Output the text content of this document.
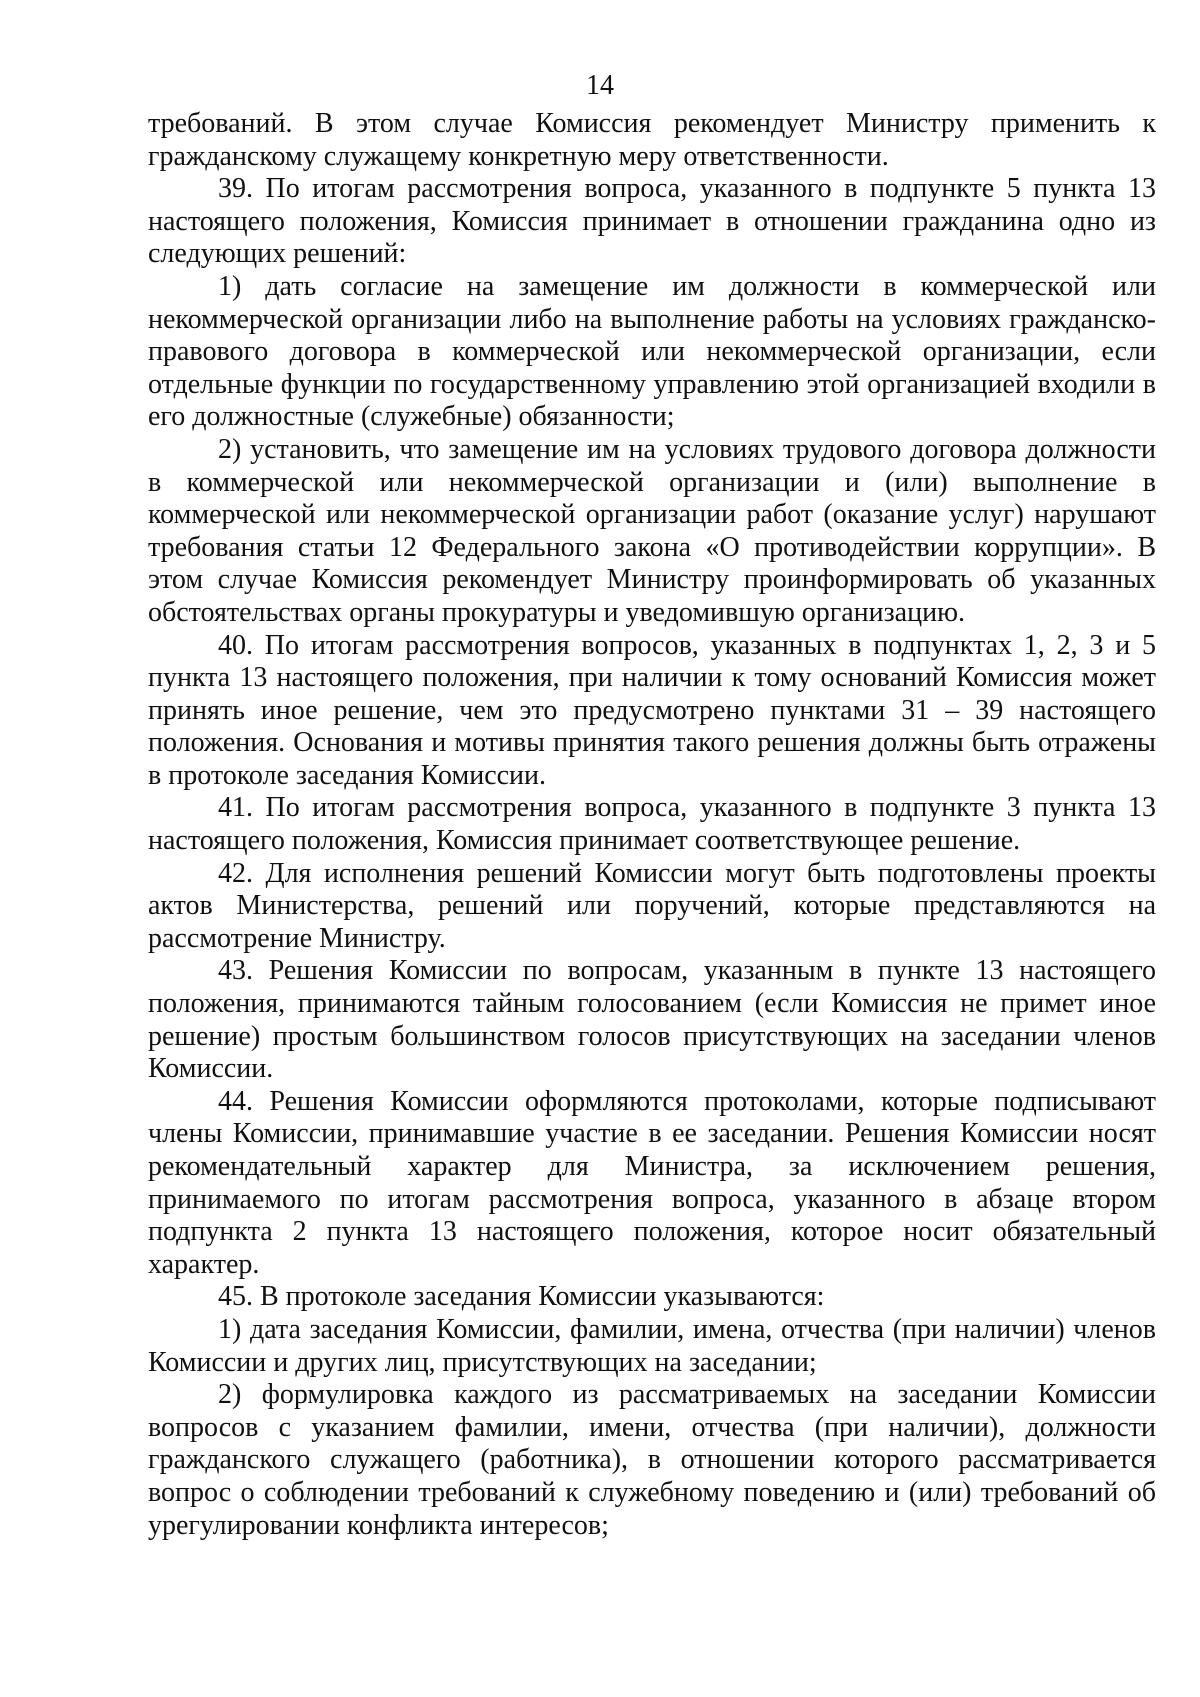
14

требований. В этом случае Комиссия рекомендует Министру применить к гражданскому служащему конкретную меру ответственности.

39. По итогам рассмотрения вопроса, указанного в подпункте 5 пункта 13 настоящего положения, Комиссия принимает в отношении гражданина одно из следующих решений:

1) дать согласие на замещение им должности в коммерческой или некоммерческой организации либо на выполнение работы на условиях гражданско-правового договора в коммерческой или некоммерческой организации, если отдельные функции по государственному управлению этой организацией входили в его должностные (служебные) обязанности;

2) установить, что замещение им на условиях трудового договора должности в коммерческой или некоммерческой организации и (или) выполнение в коммерческой или некоммерческой организации работ (оказание услуг) нарушают требования статьи 12 Федерального закона «О противодействии коррупции». В этом случае Комиссия рекомендует Министру проинформировать об указанных обстоятельствах органы прокуратуры и уведомившую организацию.

40. По итогам рассмотрения вопросов, указанных в подпунктах 1, 2, 3 и 5 пункта 13 настоящего положения, при наличии к тому оснований Комиссия может принять иное решение, чем это предусмотрено пунктами 31 – 39 настоящего положения. Основания и мотивы принятия такого решения должны быть отражены в протоколе заседания Комиссии.

41. По итогам рассмотрения вопроса, указанного в подпункте 3 пункта 13 настоящего положения, Комиссия принимает соответствующее решение.

42. Для исполнения решений Комиссии могут быть подготовлены проекты актов Министерства, решений или поручений, которые представляются на рассмотрение Министру.

43. Решения Комиссии по вопросам, указанным в пункте 13 настоящего положения, принимаются тайным голосованием (если Комиссия не примет иное решение) простым большинством голосов присутствующих на заседании членов Комиссии.

44. Решения Комиссии оформляются протоколами, которые подписывают члены Комиссии, принимавшие участие в ее заседании. Решения Комиссии носят рекомендательный характер для Министра, за исключением решения, принимаемого по итогам рассмотрения вопроса, указанного в абзаце втором подпункта 2 пункта 13 настоящего положения, которое носит обязательный характер.

45. В протоколе заседания Комиссии указываются:

1) дата заседания Комиссии, фамилии, имена, отчества (при наличии) членов Комиссии и других лиц, присутствующих на заседании;

2) формулировка каждого из рассматриваемых на заседании Комиссии вопросов с указанием фамилии, имени, отчества (при наличии), должности гражданского служащего (работника), в отношении которого рассматривается вопрос о соблюдении требований к служебному поведению и (или) требований об урегулировании конфликта интересов;
